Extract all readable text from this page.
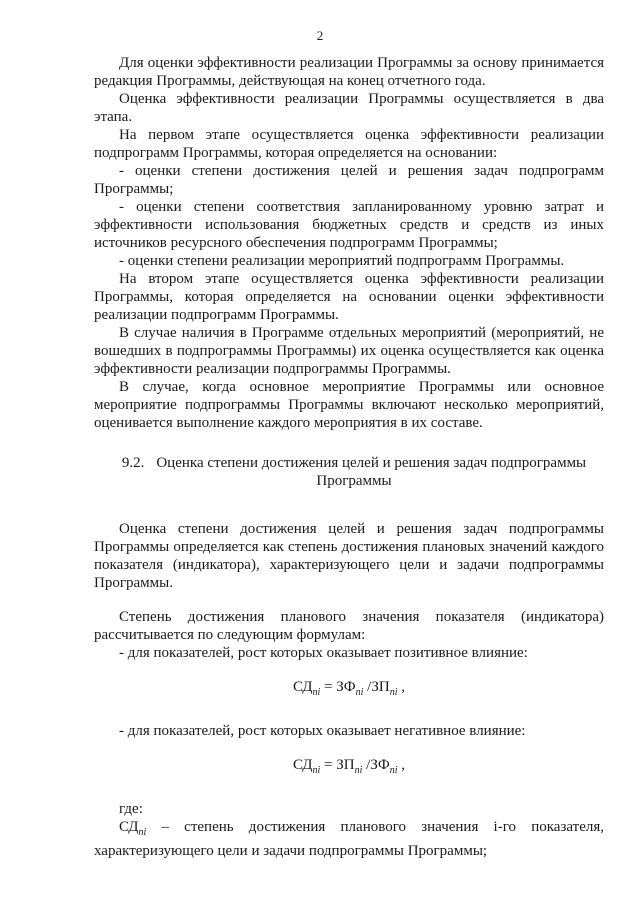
2

Для оценки эффективности реализации Программы за основу принимается редакция Программы, действующая на конец отчетного года.

Оценка эффективности реализации Программы осуществляется в два этапа.

На первом этапе осуществляется оценка эффективности реализации подпрограмм Программы, которая определяется на основании:

- оценки степени достижения целей и решения задач подпрограмм Программы;

- оценки степени соответствия запланированному уровню затрат и эффективности использования бюджетных средств и средств из иных источников ресурсного обеспечения подпрограмм Программы;

- оценки степени реализации мероприятий подпрограмм Программы.

На втором этапе осуществляется оценка эффективности реализации Программы, которая определяется на основании оценки эффективности реализации подпрограмм Программы.

В случае наличия в Программе отдельных мероприятий (мероприятий, не вошедших в подпрограммы Программы) их оценка осуществляется как оценка эффективности реализации подпрограммы Программы.

В случае, когда основное мероприятие Программы или основное мероприятие подпрограммы Программы включают несколько мероприятий, оценивается выполнение каждого мероприятия в их составе.

9.2. Оценка степени достижения целей и решения задач подпрограммы Программы

Оценка степени достижения целей и решения задач подпрограммы Программы определяется как степень достижения плановых значений каждого показателя (индикатора), характеризующего цели и задачи подпрограммы Программы.

Степень достижения планового значения показателя (индикатора) рассчитывается по следующим формулам:

- для показателей, рост которых оказывает позитивное влияние:

$СД_{пі} = ЗФ_{пі}$ $/ЗП_{пі}$ ,

- для показателей, рост которых оказывает негативное влияние:

$СД_{пі} = ЗП_{пі}$ $/ЗФ_{пі}$ ,

где:

$СД_{пі}$ – степень достижения планового значения i-го показателя, характеризующего цели и задачи подпрограммы Программы;
